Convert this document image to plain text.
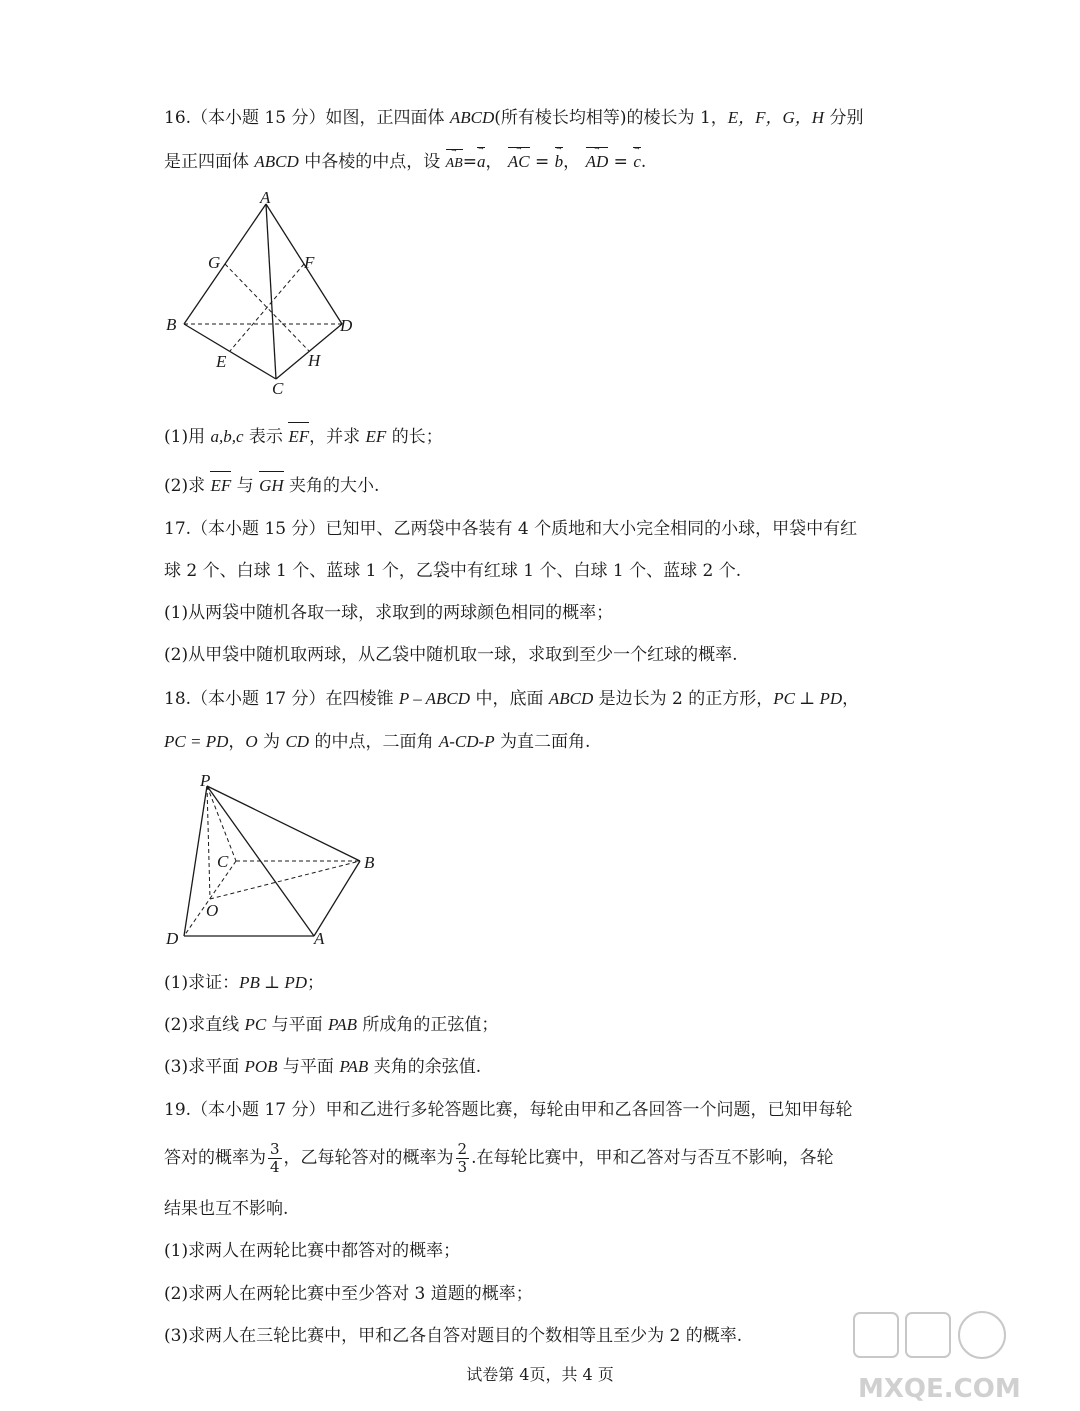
16.（本小题 15 分）如图，正四面体 ABCD(所有棱长均相等)的棱长为 1，E，F，G，H 分别
是正四面体 ABCD 中各棱的中点，设 AB →=a →， AC → = b →， AD → = c →.
A
B
C
D
E
F
G
H
(1)用 a,b,c 表示 EF，并求 EF 的长；
(2)求 EF 与 GH 夹角的大小.
17.（本小题 15 分）已知甲、乙两袋中各装有 4 个质地和大小完全相同的小球，甲袋中有红
球 2 个、白球 1 个、蓝球 1 个，乙袋中有红球 1 个、白球 1 个、蓝球 2 个.
(1)从两袋中随机各取一球，求取到的两球颜色相同的概率；
(2)从甲袋中随机取两球，从乙袋中随机取一球，求取到至少一个红球的概率.
18.（本小题 17 分）在四棱锥 P – ABCD 中，底面 ABCD 是边长为 2 的正方形，PC ⊥ PD，
PC = PD，O 为 CD 的中点，二面角 A-CD-P 为直二面角.
P
C	B
O
D	A
(1)求证：PB ⊥ PD；
(2)求直线 PC 与平面 PAB 所成角的正弦值；
(3)求平面 POB 与平面 PAB 夹角的余弦值.
19.（本小题 17 分）甲和乙进行多轮答题比赛，每轮由甲和乙各回答一个问题，已知甲每轮
答对的概率为 $\frac{3}{4}$ ，乙每轮答对的概率为 $\frac{2}{3}$ .在每轮比赛中，甲和乙答对与否互不影响，各轮
结果也互不影响.
(1)求两人在两轮比赛中都答对的概率；
(2)求两人在两轮比赛中至少答对 3 道题的概率；
(3)求两人在三轮比赛中，甲和乙各自答对题目的个数相等且至少为 2 的概率.
试卷第 4页，共 4 页	MXQE.COM
